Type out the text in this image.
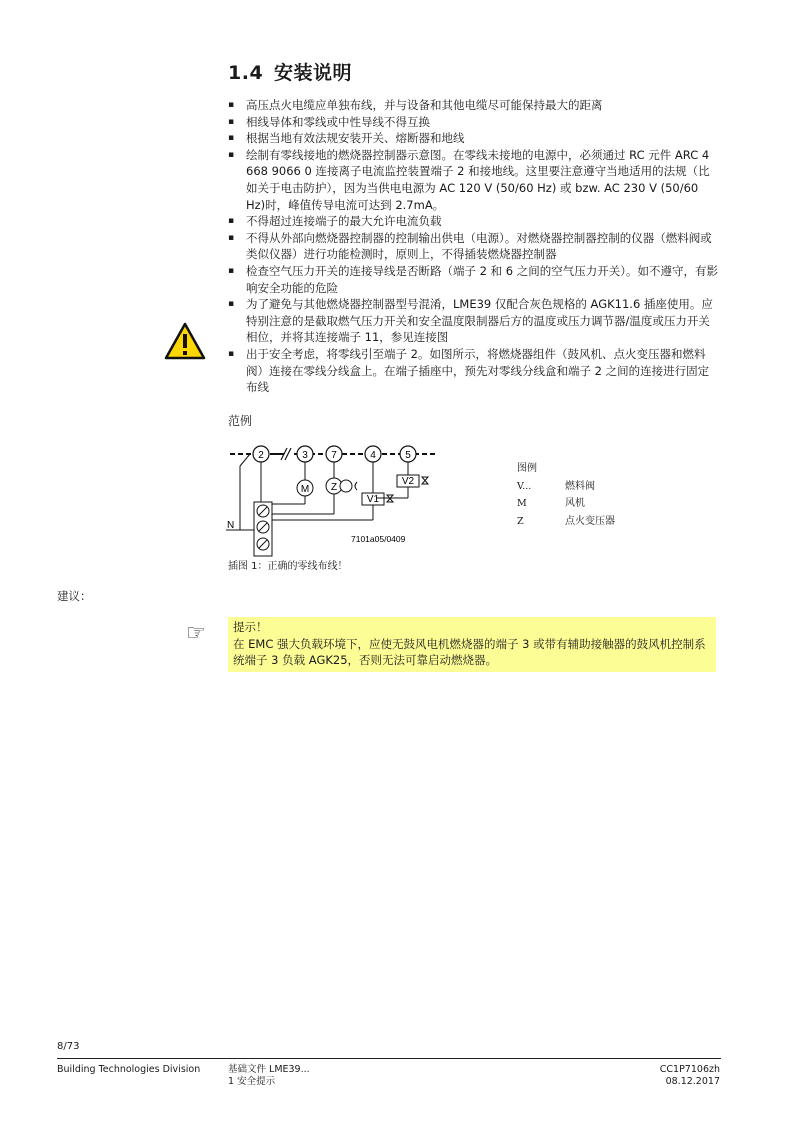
1.4 安装说明
▪ 高压点火电缆应单独布线，并与设备和其他电缆尽可能保持最大的距离
▪ 相线导体和零线或中性导线不得互换
▪ 根据当地有效法规安装开关、熔断器和地线
▪ 绘制有零线接地的燃烧器控制器示意图。在零线未接地的电源中，必须通过 RC 元件 ARC 4 668 9066 0 连接离子电流监控装置端子 2 和接地线。这里要注意遵守当地适用的法规（比如关于电击防护），因为当供电电源为 AC 120 V (50/60 Hz) 或 bzw. AC 230 V (50/60 Hz)时，峰值传导电流可达到 2.7mA。
▪ 不得超过连接端子的最大允许电流负载
▪ 不得从外部向燃烧器控制器的控制输出供电（电源）。对燃烧器控制器控制的仪器（燃料阀或类似仪器）进行功能检测时，原则上，不得插装燃烧器控制器
▪ 检查空气压力开关的连接导线是否断路（端子 2 和 6 之间的空气压力开关）。如不遵守，有影响安全功能的危险
▪ 为了避免与其他燃烧器控制器型号混淆，LME39 仅配合灰色规格的 AGK11.6 插座使用。应特别注意的是截取燃气压力开关和安全温度限制器后方的温度或压力调节器/温度或压力开关相位，并将其连接端子 11，参见连接图
▪ 出于安全考虑，将零线引至端子 2。如图所示，将燃烧器组件（鼓风机、点火变压器和燃料阀）连接在零线分线盒上。在端子插座中，预先对零线分线盒和端子 2 之间的连接进行固定布线
范例
2	3 7	4	5
N
M Z
V1
V2
7101a05/0409
图例
V...	燃料阀
M	风机
Z	点火变压器
插图 1：正确的零线布线！
建议：
☞ 提示！
在 EMC 强大负载环境下，应使无鼓风电机燃烧器的端子 3 或带有辅助接触器的鼓风机控制系统端子 3 负载 AGK25，否则无法可靠启动燃烧器。
8/73
Building Technologies Division	基础文件 LME39...
1 安全提示
CC1P7106zh
08.12.2017
